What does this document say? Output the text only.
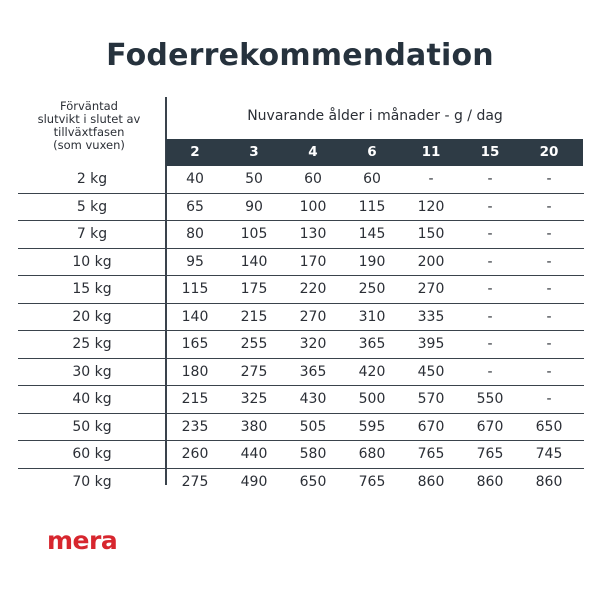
Foderrekommendation
Förväntad
slutvikt i slutet av
tillväxtfasen
(som vuxen)
Nuvarande ålder i månader - g / dag
2	3	4	6	11	15	20
2 kg	40	50	60	60	-	-	-
5 kg	65	90	100	115	120	-	-
7 kg	80	105	130	145	150	-	-
10 kg	95	140	170	190	200	-	-
15 kg	115	175	220	250	270	-	-
20 kg	140	215	270	310	335	-	-
25 kg	165	255	320	365	395	-	-
30 kg	180	275	365	420	450	-	-
40 kg	215	325	430	500	570	550	-
50 kg	235	380	505	595	670	670	650
60 kg	260	440	580	680	765	765	745
70 kg	275	490	650	765	860	860	860
mera
